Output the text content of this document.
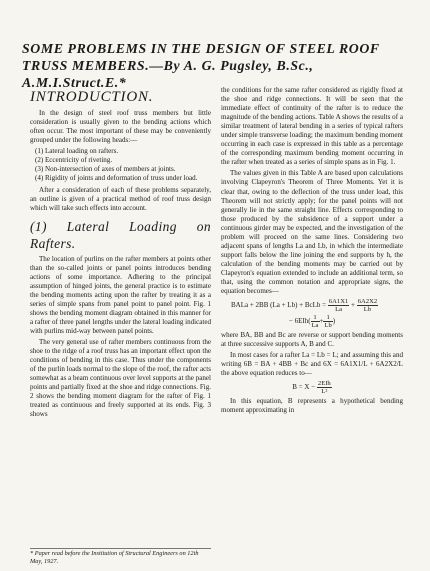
SOME PROBLEMS IN THE DESIGN OF STEEL ROOF TRUSS MEMBERS.—By A. G. Pugsley, B.Sc., A.M.I.Struct.E.*
INTRODUCTION.

In the design of steel roof truss members but little consideration is usually given to the bending actions which often occur. The most important of these may be conveniently grouped under the following heads:—

(1) Lateral loading on rafters.
(2) Eccentricity of riveting.
(3) Non-intersection of axes of members at joints.
(4) Rigidity of joints and deformation of truss under load.

After a consideration of each of these problems separately, an outline is given of a practical method of roof truss design which will take such effects into account.

(1) Lateral Loading on Rafters.

The location of purlins on the rafter members at points other than the so-called joints or panel points introduces bending actions of some importance. Adhering to the principal assumption of hinged joints, the general practice is to estimate the bending moments acting upon the rafter by treating it as a series of simple spans from panel point to panel point. Fig. 1 shows the bending moment diagram obtained in this manner for a rafter of three panel lengths under the lateral loading indicated with purlins mid-way between panel points.

The very general use of rafter members continuous from the shoe to the ridge of a roof truss has an important effect upon the conditions of bending in this case. Thus under the components of the purlin loads normal to the slope of the roof, the rafter acts somewhat as a beam continuous over level supports at the panel points and partially fixed at the shoe and ridge connections. Fig. 2 shows the bending moment diagram for the rafter of Fig. 1 treated as continuous and freely supported at its ends. Fig. 3 shows

the conditions for the same rafter considered as rigidly fixed at the shoe and ridge connections. It will be seen that the immediate effect of continuity of the rafter is to reduce the magnitude of the bending actions. Table A shows the results of a similar treatment of lateral bending in a series of typical rafters under simple transverse loading; the maximum bending moment occurring in each case is expressed in this table as a percentage of the corresponding maximum bending moment occurring in the rafter when treated as a series of simple spans as in Fig. 1.

The values given in this Table A are based upon calculations involving Clapeyron's Theorem of Three Moments. Yet it is clear that, owing to the deflection of the truss under load, this Theorem will not strictly apply; for the panel points will not generally lie in the same straight line. Effects corresponding to those produced by the subsidence of a support under a continuous girder may be expected, and the investigation of the problem will proceed on the same lines. Considering two adjacent spans of lengths La and Lb, in which the intermediate support falls below the line joining the end supports by h, the calculation of the bending moments may be carried out by Clapeyron's equation extended to include an additional term, so that, using the common notation and appropriate signs, the equation becomes—

BALa + 2BB (La + Lb) + BcLb = $\frac{6A1X1}{La} + \frac{6A2X2}{Lb}$
− $6EIh( \frac{1}{La} + \frac{1}{Lb}$ )

where BA, BB and Bc are reverse or support bending moments at three successive supports A, B and C.

In most cases for a rafter La = Lb = L; and assuming this and writing 6B = BA + 4BB + Bc and 6X = 6A1X1/L + 6A2X2/L the above equation reduces to—

$B = X - \frac{\text{2EIh}}{\text{L²}}$

In this equation, B represents a hypothetical bending moment approximating in

* Paper read before the Institution of Structural Engineers on 12th May, 1927.
